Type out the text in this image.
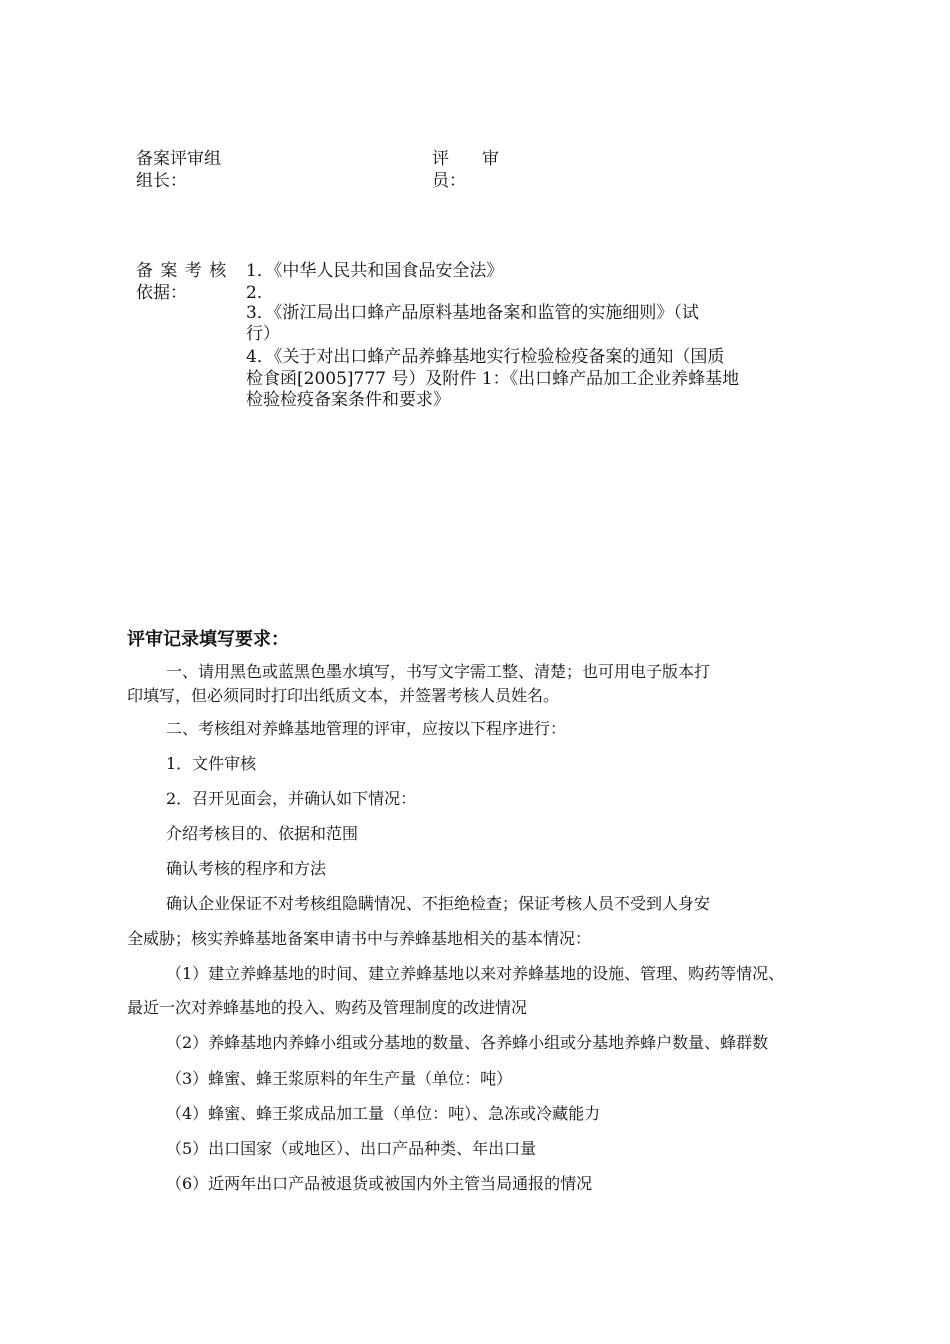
备案评审组
组长：
评 审
员：
备 案 考 核
依据：
1．《中华人民共和国食品安全法》
2.
3．《浙江局出口蜂产品原料基地备案和监管的实施细则》（试
行）
4．《关于对出口蜂产品养蜂基地实行检验检疫备案的通知（国质
检食函[2005]777 号）及附件 1：《出口蜂产品加工企业养蜂基地
检验检疫备案条件和要求》
评审记录填写要求：
一、请用黑色或蓝黑色墨水填写，书写文字需工整、清楚；也可用电子版本打
印填写，但必须同时打印出纸质文本，并签署考核人员姓名。
二、考核组对养蜂基地管理的评审，应按以下程序进行：
1．文件审核
2．召开见面会，并确认如下情况：
介绍考核目的、依据和范围
确认考核的程序和方法
确认企业保证不对考核组隐瞒情况、不拒绝检查；保证考核人员不受到人身安
全威胁；核实养蜂基地备案申请书中与养蜂基地相关的基本情况：
（1）建立养蜂基地的时间、建立养蜂基地以来对养蜂基地的设施、管理、购药等情况、
最近一次对养蜂基地的投入、购药及管理制度的改进情况
（2）养蜂基地内养蜂小组或分基地的数量、各养蜂小组或分基地养蜂户数量、蜂群数
（3）蜂蜜、蜂王浆原料的年生产量（单位：吨）
（4）蜂蜜、蜂王浆成品加工量（单位：吨）、急冻或冷藏能力
（5）出口国家（或地区）、出口产品种类、年出口量
（6）近两年出口产品被退货或被国内外主管当局通报的情况
